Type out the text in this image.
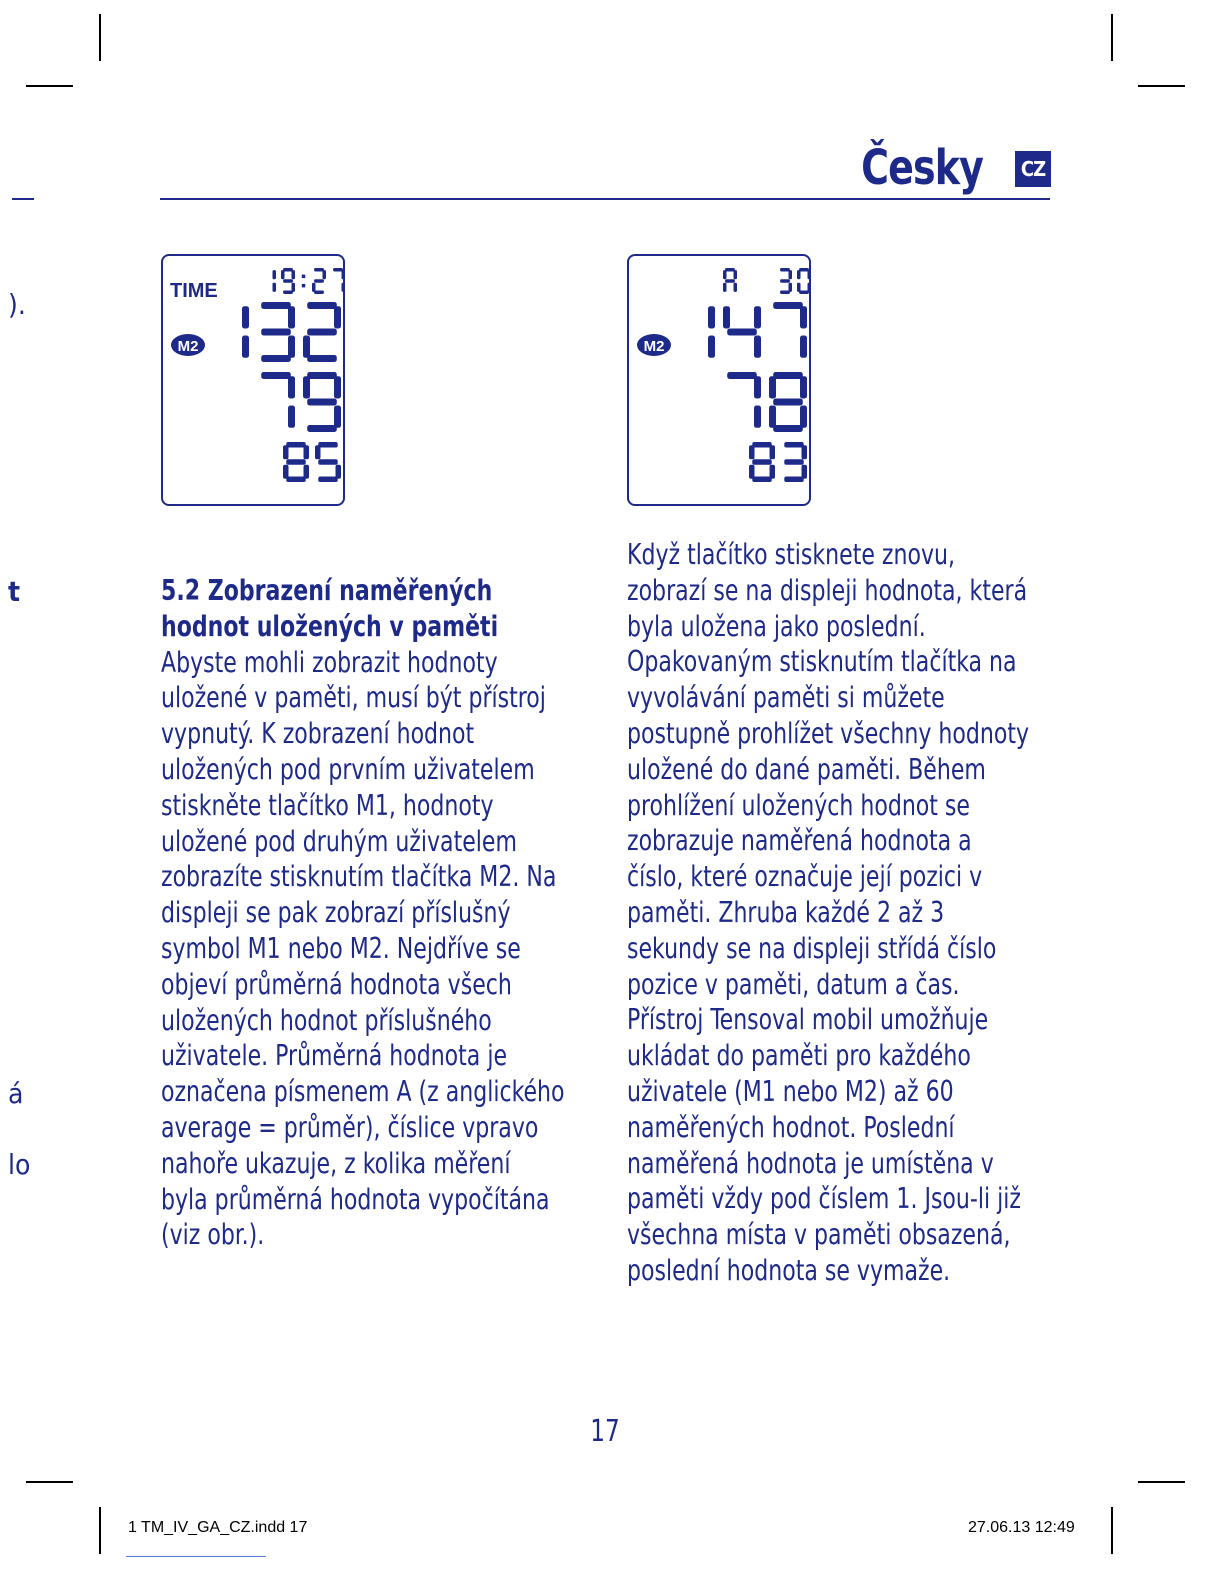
Česky CZ
).
t
á
lo
TIME
M2	M2
5.2 Zobrazení naměřených
hodnot uložených v paměti
Abyste mohli zobrazit hodnoty
uložené v paměti, musí být přístroj
vypnutý. K zobrazení hodnot
uložených pod prvním uživatelem
stiskněte tlačítko M1, hodnoty
uložené pod druhým uživatelem
zobrazíte stisknutím tlačítka M2. Na
displeji se pak zobrazí příslušný
symbol M1 nebo M2. Nejdříve se
objeví průměrná hodnota všech
uložených hodnot příslušného
uživatele. Průměrná hodnota je
označena písmenem A (z anglického
average = průměr), číslice vpravo
nahoře ukazuje, z kolika měření
byla průměrná hodnota vypočítána
(viz obr.).
Když tlačítko stisknete znovu,
zobrazí se na displeji hodnota, která
byla uložena jako poslední.
Opakovaným stisknutím tlačítka na
vyvolávání paměti si můžete
postupně prohlížet všechny hodnoty
uložené do dané paměti. Během
prohlížení uložených hodnot se
zobrazuje naměřená hodnota a
číslo, které označuje její pozici v
paměti. Zhruba každé 2 až 3
sekundy se na displeji střídá číslo
pozice v paměti, datum a čas.
Přístroj Tensoval mobil umožňuje
ukládat do paměti pro každého
uživatele (M1 nebo M2) až 60
naměřených hodnot. Poslední
naměřená hodnota je umístěna v
paměti vždy pod číslem 1. Jsou-li již
všechna místa v paměti obsazená,
poslední hodnota se vymaže.
17
1 TM_IV_GA_CZ.indd 17	27.06.13 12:49
